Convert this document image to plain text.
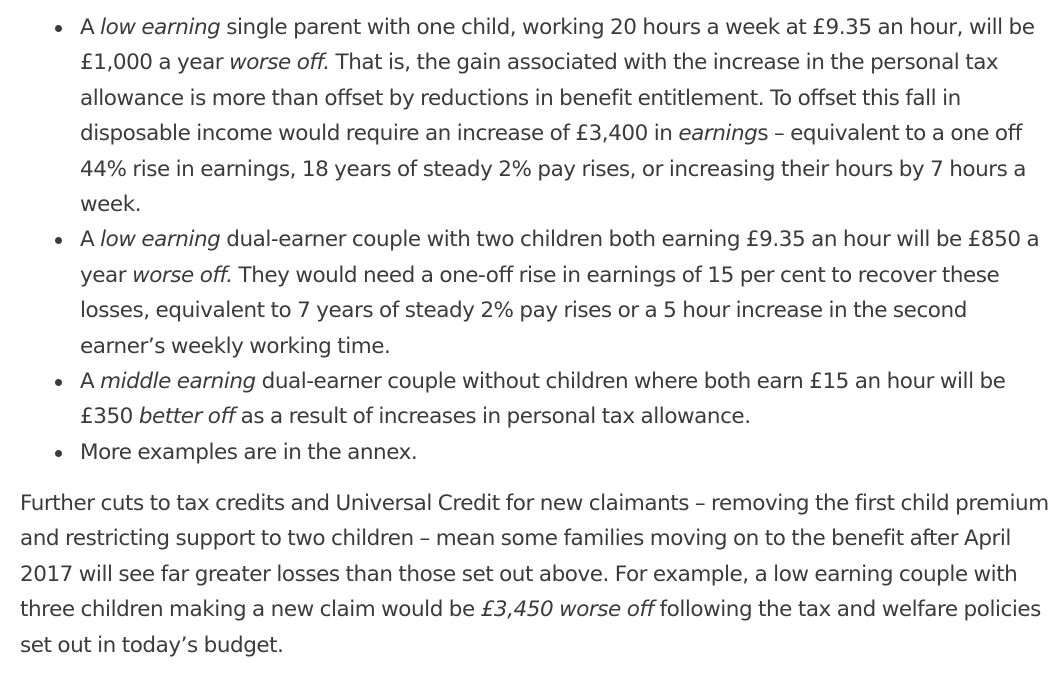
A low earning single parent with one child, working 20 hours a week at £9.35 an hour, will be £1,000 a year worse off. That is, the gain associated with the increase in the personal tax allowance is more than offset by reductions in benefit entitlement. To offset this fall in disposable income would require an increase of £3,400 in earnings – equivalent to a one off 44% rise in earnings, 18 years of steady 2% pay rises, or increasing their hours by 7 hours a week.
A low earning dual-earner couple with two children both earning £9.35 an hour will be £850 a year worse off. They would need a one-off rise in earnings of 15 per cent to recover these losses, equivalent to 7 years of steady 2% pay rises or a 5 hour increase in the second earner’s weekly working time.
A middle earning dual-earner couple without children where both earn £15 an hour will be £350 better off as a result of increases in personal tax allowance.
More examples are in the annex.

Further cuts to tax credits and Universal Credit for new claimants – removing the first child premium and restricting support to two children – mean some families moving on to the benefit after April 2017 will see far greater losses than those set out above. For example, a low earning couple with three children making a new claim would be £3,450 worse off following the tax and welfare policies set out in today’s budget.
